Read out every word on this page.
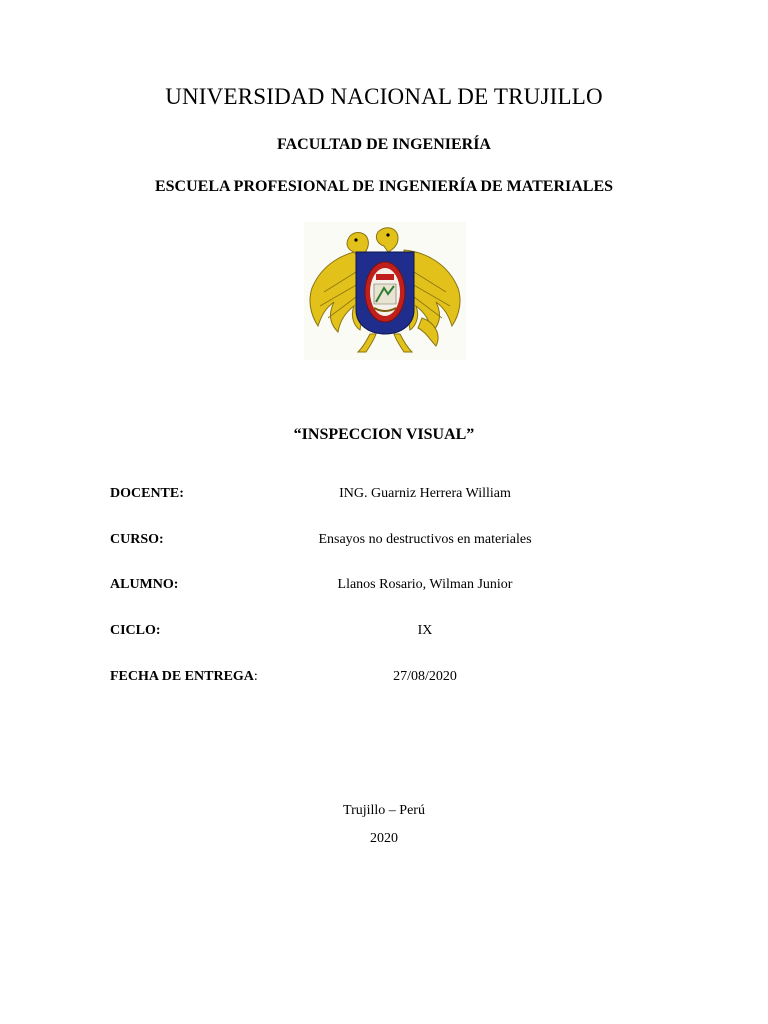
UNIVERSIDAD NACIONAL DE TRUJILLO
FACULTAD DE INGENIERÍA
ESCUELA PROFESIONAL DE INGENIERÍA DE MATERIALES
“INSPECCION VISUAL”
DOCENTE:	ING. Guarniz Herrera William
CURSO:	Ensayos no destructivos en materiales
ALUMNO:	Llanos Rosario, Wilman Junior
CICLO:	IX
FECHA DE ENTREGA:	27/08/2020
Trujillo – Perú
2020
